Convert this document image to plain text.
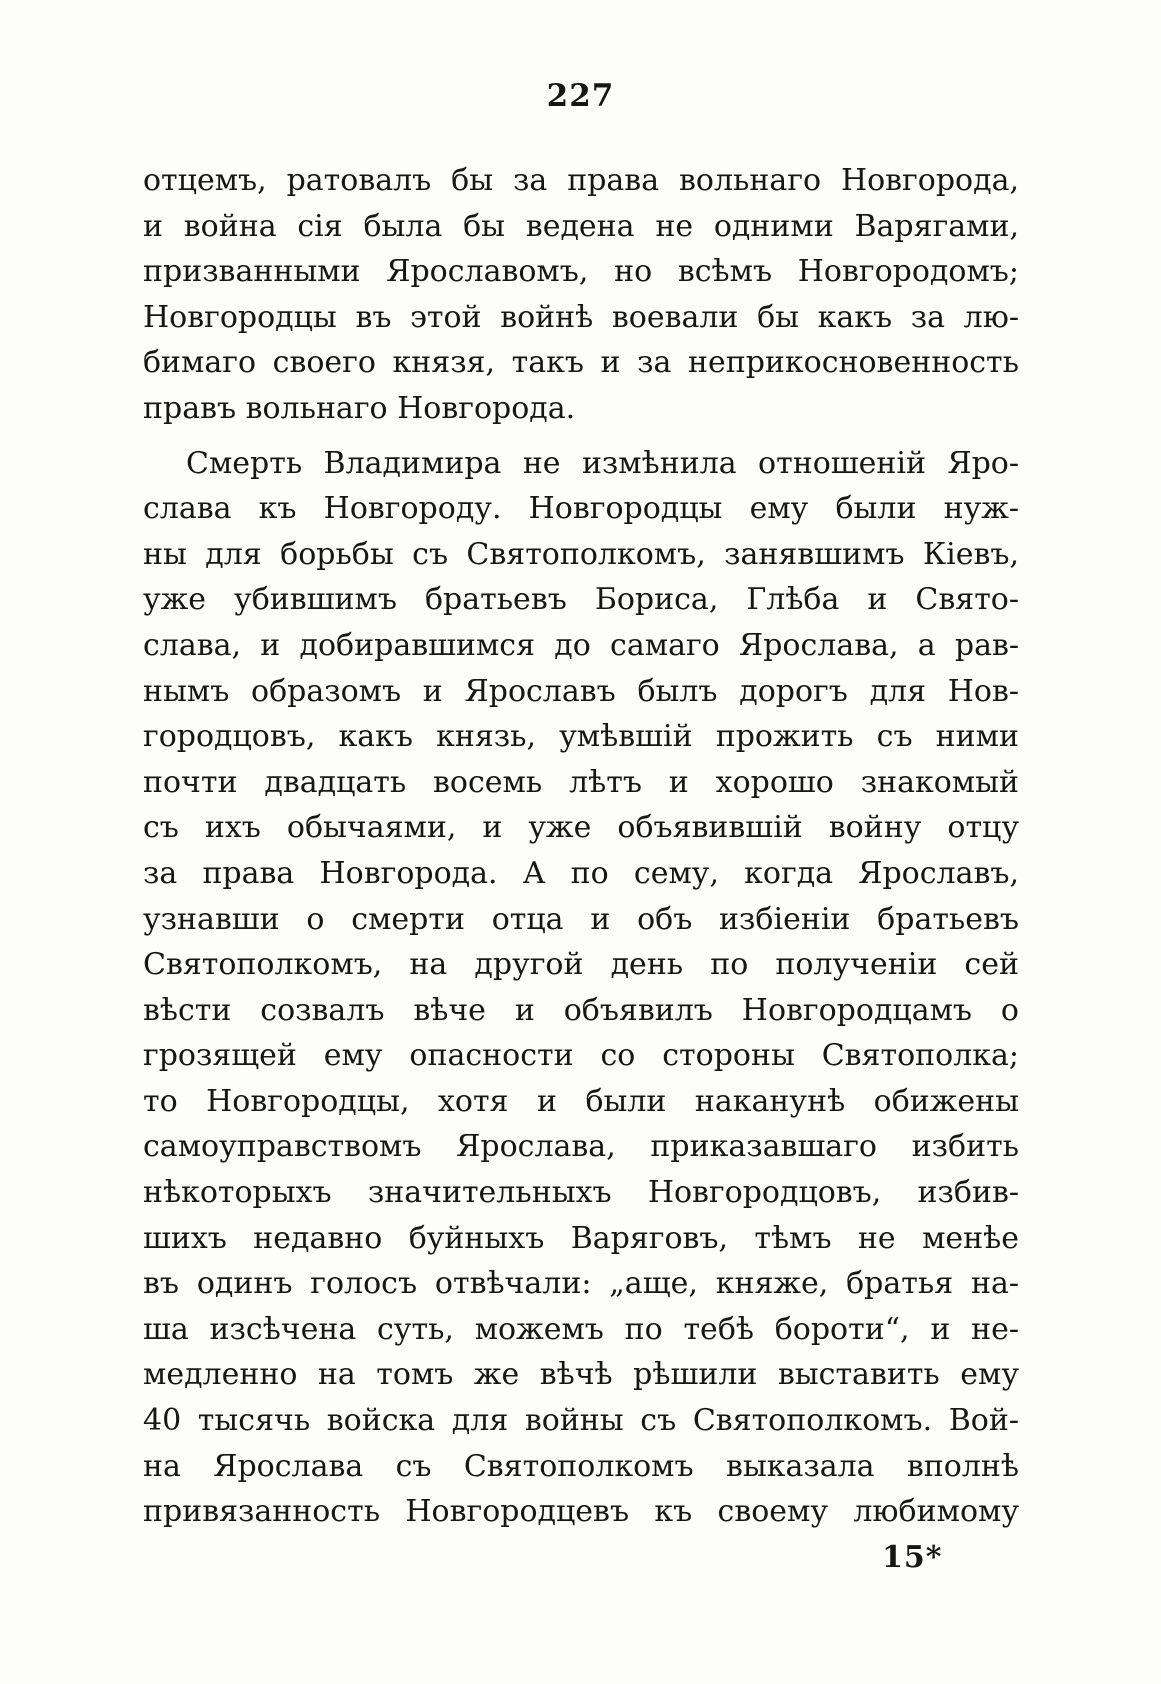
227
отцемъ, ратовалъ бы за права вольнаго Новгорода,
и война сія была бы ведена не одними Варягами,
призванными Ярославомъ, но всѣмъ Новгородомъ;
Новгородцы въ этой войнѣ воевали бы какъ за лю-
бимаго своего князя, такъ и за неприкосновенность
правъ вольнаго Новгорода.
Смерть Владимира не измѣнила отношеній Яро-
слава къ Новгороду. Новгородцы ему были нуж-
ны для борьбы съ Святополкомъ, занявшимъ Кіевъ,
уже убившимъ братьевъ Бориса, Глѣба и Свято-
слава, и добиравшимся до самаго Ярослава, а рав-
нымъ образомъ и Ярославъ былъ дорогъ для Нов-
городцовъ, какъ князь, умѣвшій прожить съ ними
почти двадцать восемь лѣтъ и хорошо знакомый
съ ихъ обычаями, и уже объявившій войну отцу
за права Новгорода. А по сему, когда Ярославъ,
узнавши о смерти отца и объ избіеніи братьевъ
Святополкомъ, на другой день по полученіи сей
вѣсти созвалъ вѣче и объявилъ Новгородцамъ о
грозящей ему опасности со стороны Святополка;
то Новгородцы, хотя и были наканунѣ обижены
самоуправствомъ Ярослава, приказавшаго избить
нѣкоторыхъ значительныхъ Новгородцовъ, избив-
шихъ недавно буйныхъ Варяговъ, тѣмъ не менѣе
въ одинъ голосъ отвѣчали: „аще, княже, братья на-
ша изсѣчена суть, можемъ по тебѣ бороти“, и не-
медленно на томъ же вѣчѣ рѣшили выставить ему
40 тысячь войска для войны съ Святополкомъ. Вой-
на Ярослава съ Святополкомъ выказала вполнѣ
привязанность Новгородцевъ къ своему любимому
15*
